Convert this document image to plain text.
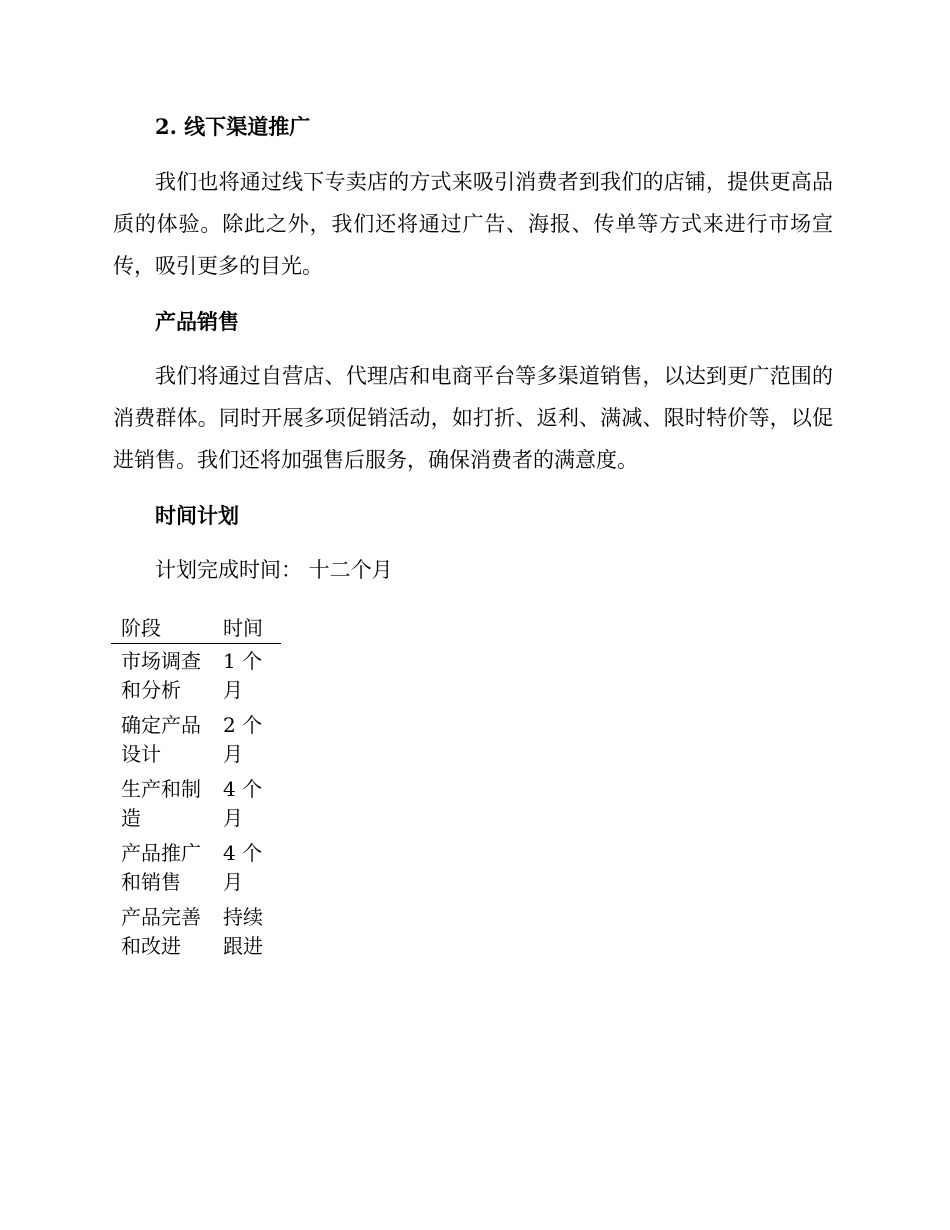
2. 线下渠道推广
我们也将通过线下专卖店的方式来吸引消费者到我们的店铺，提供更高品质的体验。除此之外，我们还将通过广告、海报、传单等方式来进行市场宣传，吸引更多的目光。
产品销售
我们将通过自营店、代理店和电商平台等多渠道销售，以达到更广范围的消费群体。同时开展多项促销活动，如打折、返利、满减、限时特价等，以促进销售。我们还将加强售后服务，确保消费者的满意度。
时间计划
计划完成时间： 十二个月
阶段	时间
市场调查和分析	1 个月
确定产品设计	2 个月
生产和制造	4 个月
产品推广和销售	4 个月
产品完善和改进	持续跟进
